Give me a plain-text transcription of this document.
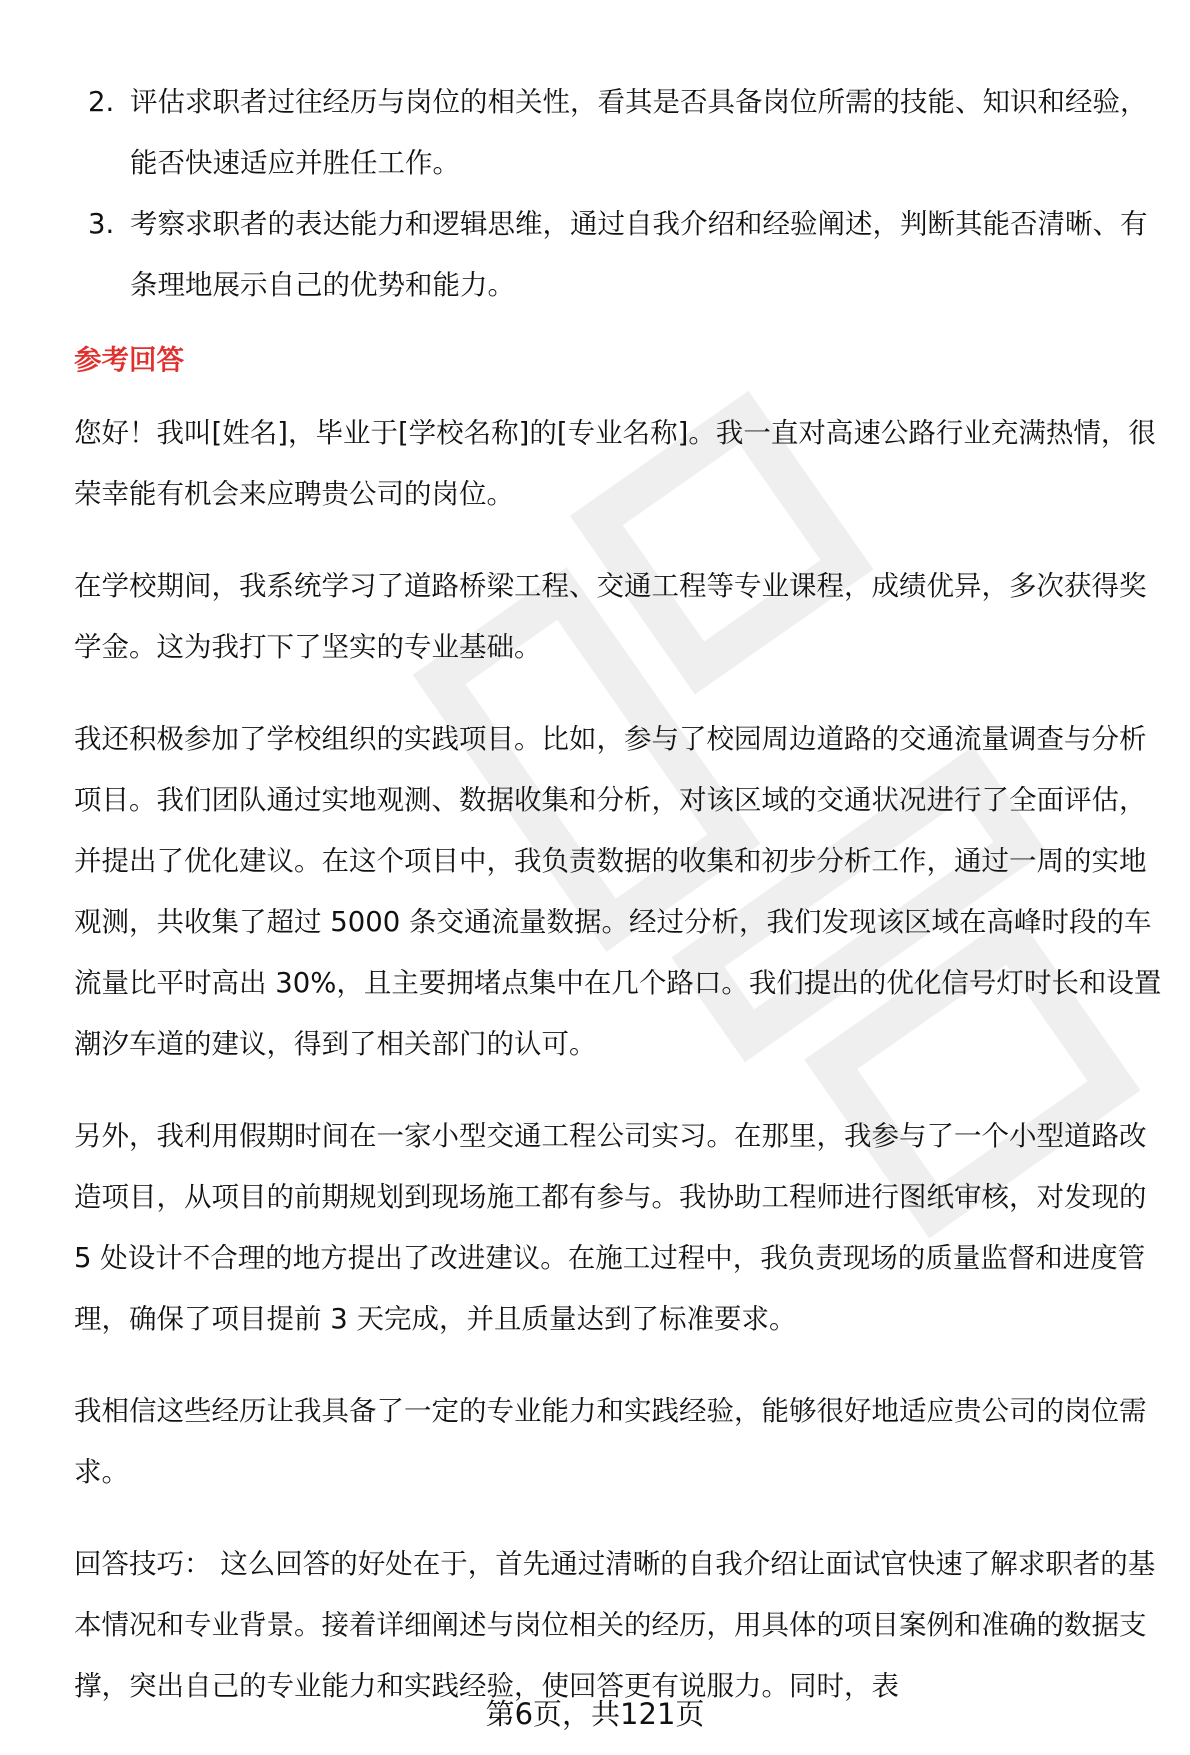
2. 评估求职者过往经历与岗位的相关性，看其是否具备岗位所需的技能、知识和经验，能否快速适应并胜任工作。
3. 考察求职者的表达能力和逻辑思维，通过自我介绍和经验阐述，判断其能否清晰、有条理地展示自己的优势和能力。
参考回答

您好！我叫[姓名]，毕业于[学校名称]的[专业名称]。我一直对高速公路行业充满热情，很荣幸能有机会来应聘贵公司的岗位。

在学校期间，我系统学习了道路桥梁工程、交通工程等专业课程，成绩优异，多次获得奖学金。这为我打下了坚实的专业基础。

我还积极参加了学校组织的实践项目。比如，参与了校园周边道路的交通流量调查与分析项目。我们团队通过实地观测、数据收集和分析，对该区域的交通状况进行了全面评估，并提出了优化建议。在这个项目中，我负责数据的收集和初步分析工作，通过一周的实地观测，共收集了超过 5000 条交通流量数据。经过分析，我们发现该区域在高峰时段的车流量比平时高出 30%，且主要拥堵点集中在几个路口。我们提出的优化信号灯时长和设置潮汐车道的建议，得到了相关部门的认可。

另外，我利用假期时间在一家小型交通工程公司实习。在那里，我参与了一个小型道路改造项目，从项目的前期规划到现场施工都有参与。我协助工程师进行图纸审核，对发现的 5 处设计不合理的地方提出了改进建议。在施工过程中，我负责现场的质量监督和进度管理，确保了项目提前 3 天完成，并且质量达到了标准要求。

我相信这些经历让我具备了一定的专业能力和实践经验，能够很好地适应贵公司的岗位需求。

回答技巧： 这么回答的好处在于，首先通过清晰的自我介绍让面试官快速了解求职者的基本情况和专业背景。接着详细阐述与岗位相关的经历，用具体的项目案例和准确的数据支撑，突出自己的专业能力和实践经验，使回答更有说服力。同时，表

第6页，共121页
